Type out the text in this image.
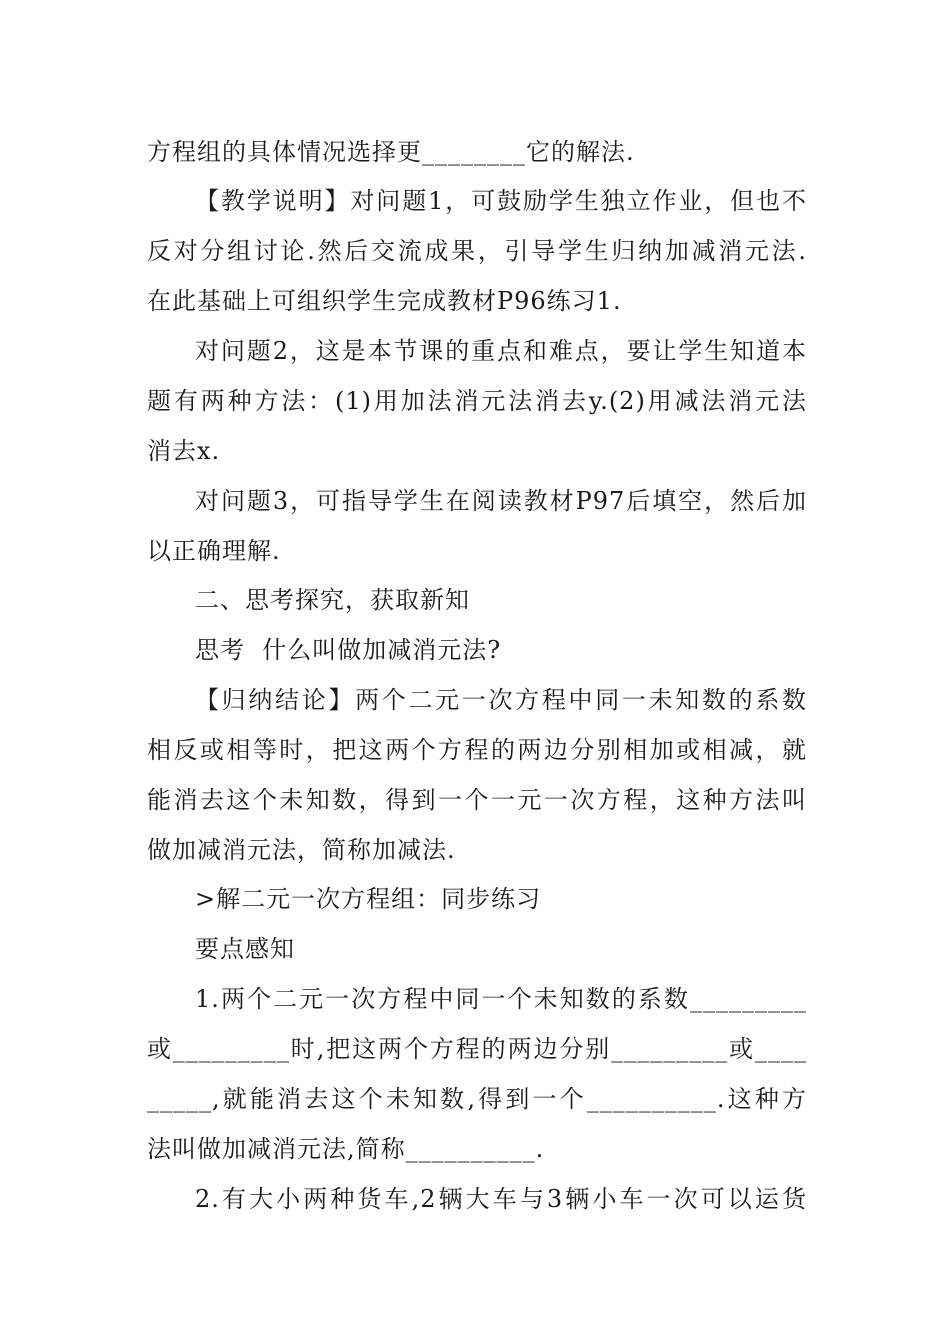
方程组的具体情况选择更________它的解法.
【教学说明】对问题1，可鼓励学生独立作业，但也不
反对分组讨论.然后交流成果，引导学生归纳加减消元法.
在此基础上可组织学生完成教材P96练习1.
对问题2，这是本节课的重点和难点，要让学生知道本
题有两种方法：(1)用加法消元法消去y.(2)用减法消元法
消去x.
对问题3，可指导学生在阅读教材P97后填空，然后加
以正确理解.
二、思考探究，获取新知
思考  什么叫做加减消元法?
【归纳结论】两个二元一次方程中同一未知数的系数
相反或相等时，把这两个方程的两边分别相加或相减，就
能消去这个未知数，得到一个一元一次方程，这种方法叫
做加减消元法，简称加减法.
>解二元一次方程组：同步练习
要点感知
1.两个二元一次方程中同一个未知数的系数_________
或_________时,把这两个方程的两边分别_________或____
_____,就能消去这个未知数,得到一个__________.这种方
法叫做加减消元法,简称__________.
2.有大小两种货车,2辆大车与3辆小车一次可以运货
